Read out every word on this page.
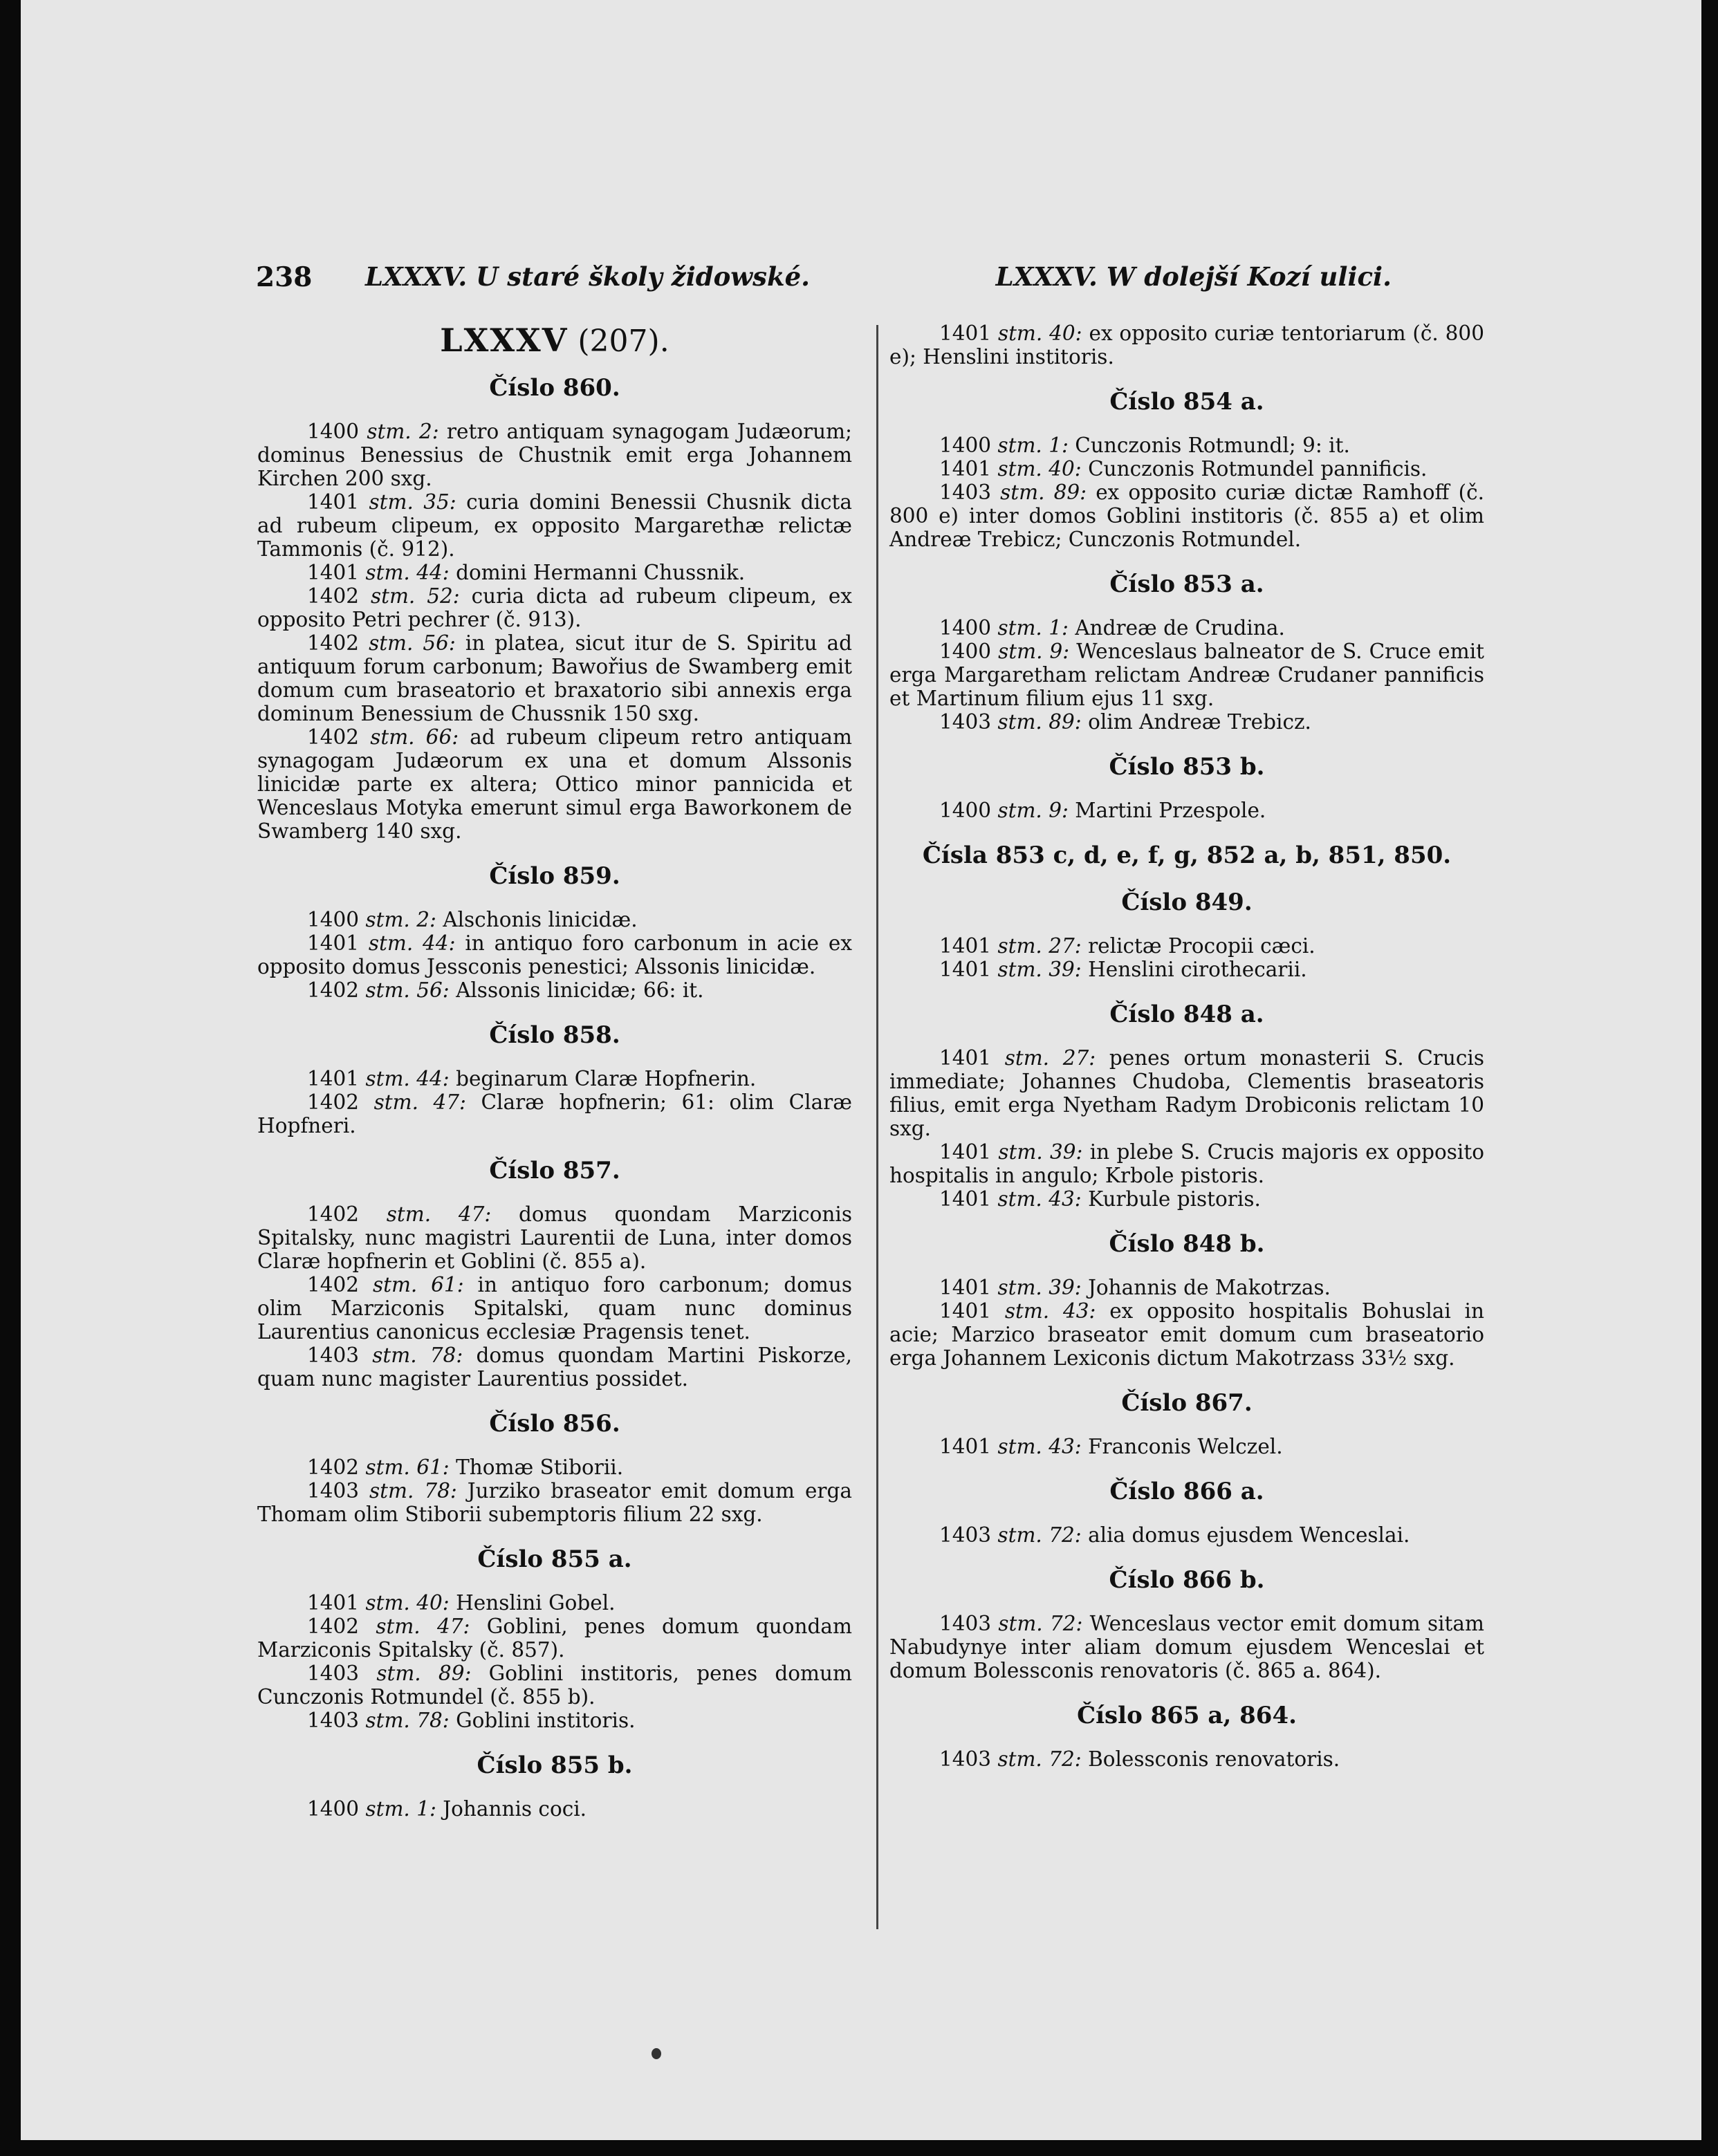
238 LXXXV. U staré školy židowské.	LXXXV. W dolejší Kozí ulici.
LXXXV (207).
Číslo 860.

1400 stm. 2: retro antiquam synagogam Judæorum; dominus Benessius de Chustnik emit erga Johannem Kirchen 200 sxg.

1401 stm. 35: curia domini Benessii Chusnik dicta ad rubeum clipeum, ex opposito Margarethæ relictæ Tammonis (č. 912).

1401 stm. 44: domini Hermanni Chussnik.

1402 stm. 52: curia dicta ad rubeum clipeum, ex opposito Petri pechrer (č. 913).

1402 stm. 56: in platea, sicut itur de S. Spiritu ad antiquum forum carbonum; Bawořius de Swamberg emit domum cum braseatorio et braxatorio sibi annexis erga dominum Benessium de Chussnik 150 sxg.

1402 stm. 66: ad rubeum clipeum retro antiquam synagogam Judæorum ex una et domum Alssonis linicidæ parte ex altera; Ottico minor pannicida et Wenceslaus Motyka emerunt simul erga Baworkonem de Swamberg 140 sxg.

Číslo 859.

1400 stm. 2: Alschonis linicidæ.

1401 stm. 44: in antiquo foro carbonum in acie ex opposito domus Jessconis penestici; Alssonis linicidæ.

1402 stm. 56: Alssonis linicidæ; 66: it.

Číslo 858.

1401 stm. 44: beginarum Claræ Hopfnerin.

1402 stm. 47: Claræ hopfnerin; 61: olim Claræ Hopfneri.

Číslo 857.

1402 stm. 47: domus quondam Marziconis Spitalsky, nunc magistri Laurentii de Luna, inter domos Claræ hopfnerin et Goblini (č. 855 a).

1402 stm. 61: in antiquo foro carbonum; domus olim Marziconis Spitalski, quam nunc dominus Laurentius canonicus ecclesiæ Pragensis tenet.

1403 stm. 78: domus quondam Martini Piskorze, quam nunc magister Laurentius possidet.

Číslo 856.

1402 stm. 61: Thomæ Stiborii.

1403 stm. 78: Jurziko braseator emit domum erga Thomam olim Stiborii subemptoris filium 22 sxg.

Číslo 855 a.

1401 stm. 40: Henslini Gobel.

1402 stm. 47: Goblini, penes domum quondam Marziconis Spitalsky (č. 857).

1403 stm. 89: Goblini institoris, penes domum Cunczonis Rotmundel (č. 855 b).

1403 stm. 78: Goblini institoris.

Číslo 855 b.

1400 stm. 1: Johannis coci.

1401 stm. 40: ex opposito curiæ tentoriarum (č. 800 e); Henslini institoris.

Číslo 854 a.

1400 stm. 1: Cunczonis Rotmundl; 9: it.

1401 stm. 40: Cunczonis Rotmundel pannificis.

1403 stm. 89: ex opposito curiæ dictæ Ramhoff (č. 800 e) inter domos Goblini institoris (č. 855 a) et olim Andreæ Trebicz; Cunczonis Rotmundel.

Číslo 853 a.

1400 stm. 1: Andreæ de Crudina.

1400 stm. 9: Wenceslaus balneator de S. Cruce emit erga Margaretham relictam Andreæ Crudaner pannificis et Martinum filium ejus 11 sxg.

1403 stm. 89: olim Andreæ Trebicz.

Číslo 853 b.

1400 stm. 9: Martini Przespole.

Čísla 853 c, d, e, f, g, 852 a, b, 851, 850.
Číslo 849.

1401 stm. 27: relictæ Procopii cæci.

1401 stm. 39: Henslini cirothecarii.

Číslo 848 a.

1401 stm. 27: penes ortum monasterii S. Crucis immediate; Johannes Chudoba, Clementis braseatoris filius, emit erga Nyetham Radym Drobiconis relictam 10 sxg.

1401 stm. 39: in plebe S. Crucis majoris ex opposito hospitalis in angulo; Krbole pistoris.

1401 stm. 43: Kurbule pistoris.

Číslo 848 b.

1401 stm. 39: Johannis de Makotrzas.

1401 stm. 43: ex opposito hospitalis Bohuslai in acie; Marzico braseator emit domum cum braseatorio erga Johannem Lexiconis dictum Makotrzass 33½ sxg.

Číslo 867.

1401 stm. 43: Franconis Welczel.

Číslo 866 a.

1403 stm. 72: alia domus ejusdem Wenceslai.

Číslo 866 b.

1403 stm. 72: Wenceslaus vector emit domum sitam Nabudynye inter aliam domum ejusdem Wenceslai et domum Bolessconis renovatoris (č. 865 a. 864).

Číslo 865 a, 864.

1403 stm. 72: Bolessconis renovatoris.
